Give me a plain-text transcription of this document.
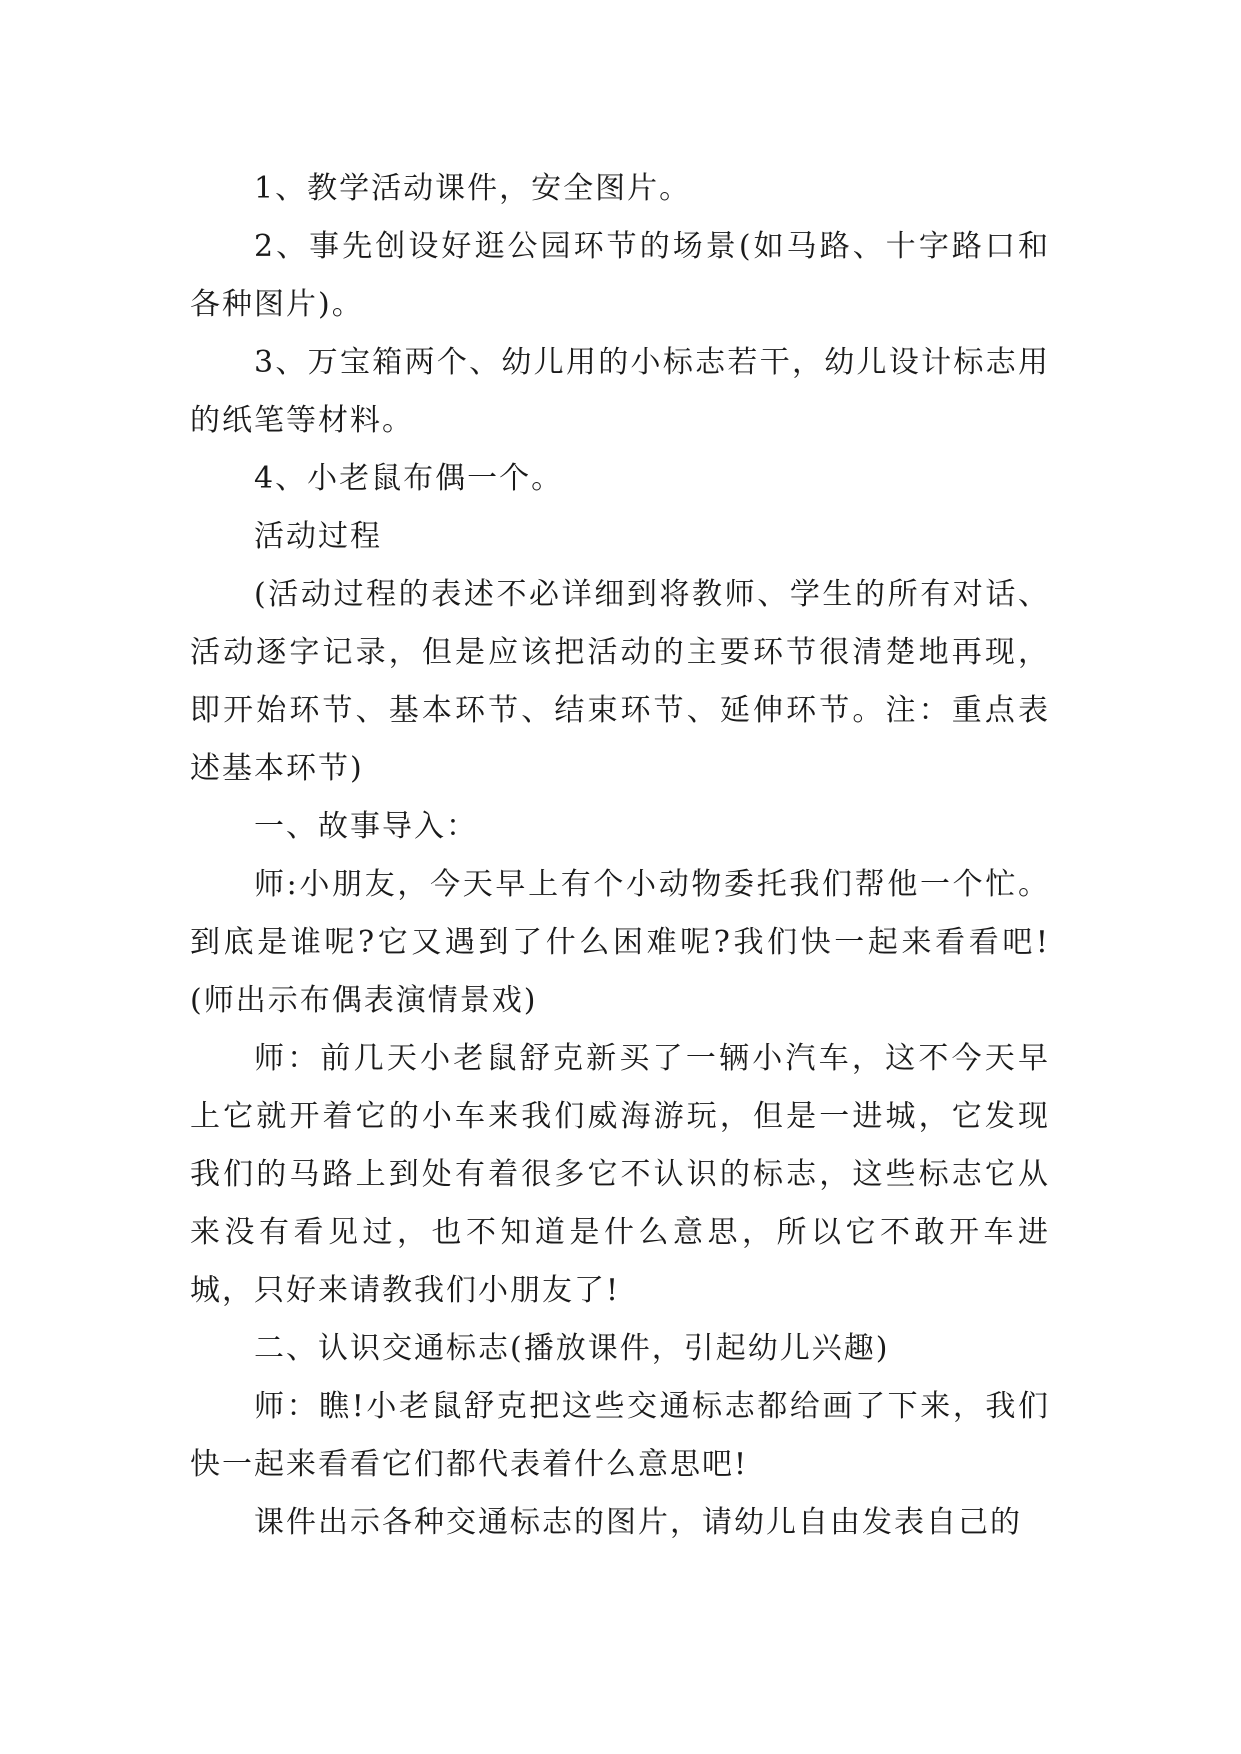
1、教学活动课件，安全图片。

2、事先创设好逛公园环节的场景(如马路、十字路口和各种图片)。

3、万宝箱两个、幼儿用的小标志若干，幼儿设计标志用的纸笔等材料。

4、小老鼠布偶一个。

活动过程

(活动过程的表述不必详细到将教师、学生的所有对话、活动逐字记录，但是应该把活动的主要环节很清楚地再现，即开始环节、基本环节、结束环节、延伸环节。注：重点表述基本环节)

一、故事导入：

师:小朋友，今天早上有个小动物委托我们帮他一个忙。到底是谁呢?它又遇到了什么困难呢?我们快一起来看看吧!(师出示布偶表演情景戏)

师：前几天小老鼠舒克新买了一辆小汽车，这不今天早上它就开着它的小车来我们威海游玩，但是一进城，它发现我们的马路上到处有着很多它不认识的标志，这些标志它从来没有看见过，也不知道是什么意思，所以它不敢开车进城，只好来请教我们小朋友了!

二、认识交通标志(播放课件，引起幼儿兴趣)

师：瞧!小老鼠舒克把这些交通标志都给画了下来，我们快一起来看看它们都代表着什么意思吧!

课件出示各种交通标志的图片，请幼儿自由发表自己的
